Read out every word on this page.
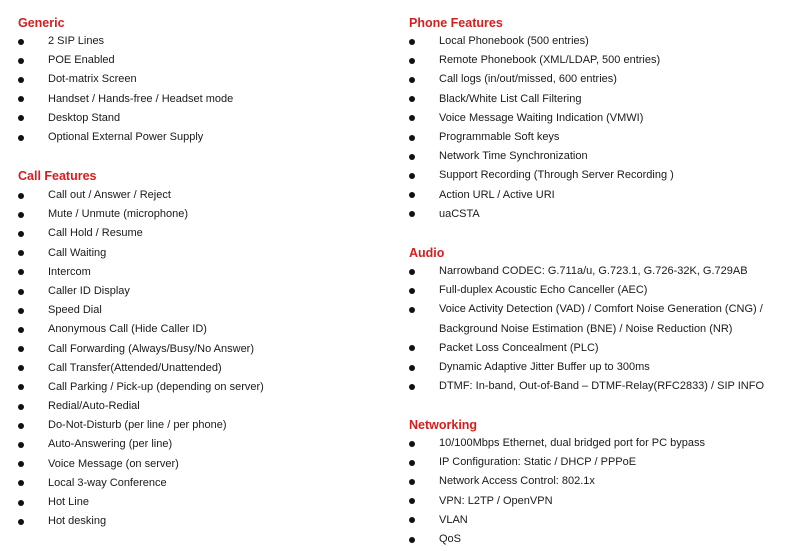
Generic
2 SIP Lines
POE Enabled
Dot-matrix Screen
Handset / Hands-free / Headset mode
Desktop Stand
Optional External Power Supply
Call Features
Call out / Answer / Reject
Mute / Unmute (microphone)
Call Hold / Resume
Call Waiting
Intercom
Caller ID Display
Speed Dial
Anonymous Call (Hide Caller ID)
Call Forwarding (Always/Busy/No Answer)
Call Transfer(Attended/Unattended)
Call Parking / Pick-up (depending on server)
Redial/Auto-Redial
Do-Not-Disturb (per line / per phone)
Auto-Answering (per line)
Voice Message (on server)
Local 3-way Conference
Hot Line
Hot desking
Phone Features
Local Phonebook (500 entries)
Remote Phonebook (XML/LDAP, 500 entries)
Call logs (in/out/missed, 600 entries)
Black/White List Call Filtering
Voice Message Waiting Indication (VMWI)
Programmable Soft keys
Network Time Synchronization
Support Recording (Through Server Recording )
Action URL / Active URI
uaCSTA
Audio
Narrowband CODEC: G.711a/u, G.723.1, G.726-32K, G.729AB
Full-duplex Acoustic Echo Canceller (AEC)
Voice Activity Detection (VAD) / Comfort Noise Generation (CNG) / Background Noise Estimation (BNE) / Noise Reduction (NR)
Packet Loss Concealment (PLC)
Dynamic Adaptive Jitter Buffer up to 300ms
DTMF: In-band, Out-of-Band – DTMF-Relay(RFC2833) / SIP INFO
Networking
10/100Mbps Ethernet, dual bridged port for PC bypass
IP Configuration: Static / DHCP / PPPoE
Network Access Control: 802.1x
VPN: L2TP / OpenVPN
VLAN
QoS
